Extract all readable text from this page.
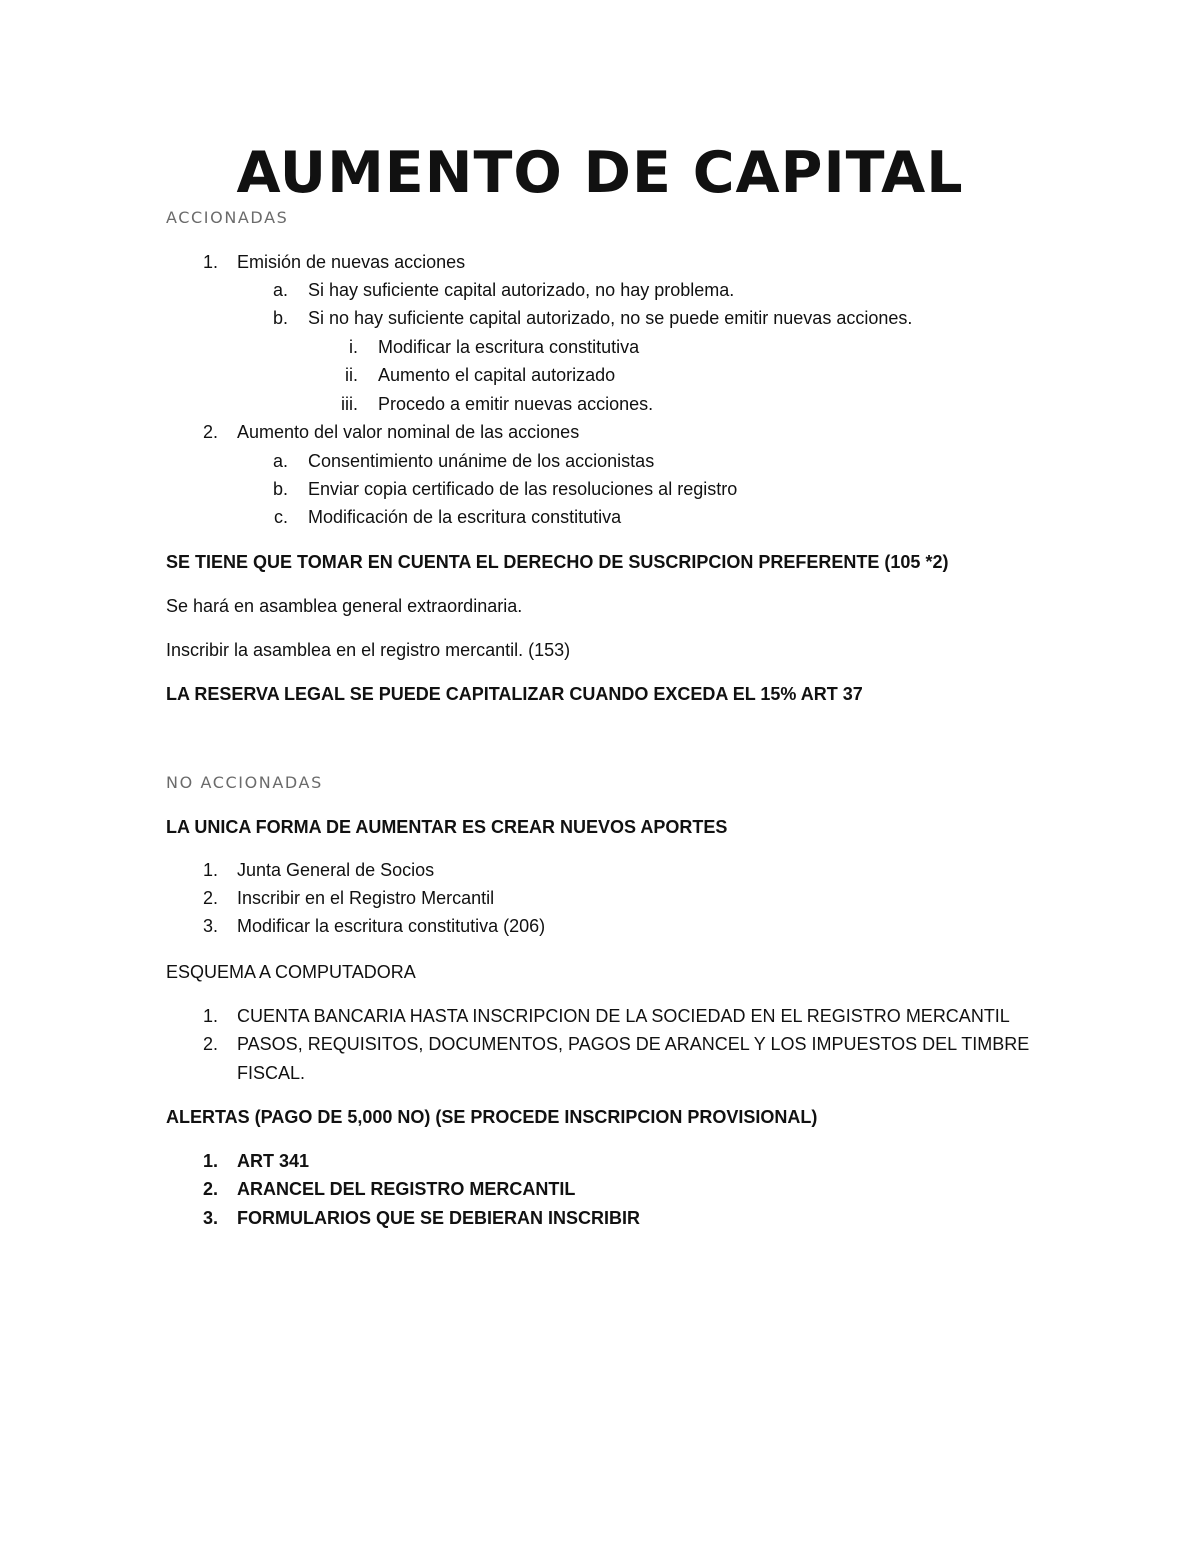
AUMENTO DE CAPITAL

ACCIONADAS

1. Emisión de nuevas acciones
a. Si hay suficiente capital autorizado, no hay problema.
b. Si no hay suficiente capital autorizado, no se puede emitir nuevas acciones.
i. Modificar la escritura constitutiva
ii. Aumento el capital autorizado
iii. Procedo a emitir nuevas acciones.
2. Aumento del valor nominal de las acciones
a. Consentimiento unánime de los accionistas
b. Enviar copia certificado de las resoluciones al registro
c. Modificación de la escritura constitutiva

SE TIENE QUE TOMAR EN CUENTA EL DERECHO DE SUSCRIPCION PREFERENTE (105 *2)

Se hará en asamblea general extraordinaria.

Inscribir la asamblea en el registro mercantil. (153)

LA RESERVA LEGAL SE PUEDE CAPITALIZAR CUANDO EXCEDA EL 15% ART 37

NO ACCIONADAS

LA UNICA FORMA DE AUMENTAR ES CREAR NUEVOS APORTES

1. Junta General de Socios
2. Inscribir en el Registro Mercantil
3. Modificar la escritura constitutiva (206)

ESQUEMA A COMPUTADORA

1. CUENTA BANCARIA HASTA INSCRIPCION DE LA SOCIEDAD EN EL REGISTRO MERCANTIL
2. PASOS, REQUISITOS, DOCUMENTOS, PAGOS DE ARANCEL Y LOS IMPUESTOS DEL TIMBRE
FISCAL.

ALERTAS (PAGO DE 5,000 NO) (SE PROCEDE INSCRIPCION PROVISIONAL)

1. ART 341
2. ARANCEL DEL REGISTRO MERCANTIL
3. FORMULARIOS QUE SE DEBIERAN INSCRIBIR
